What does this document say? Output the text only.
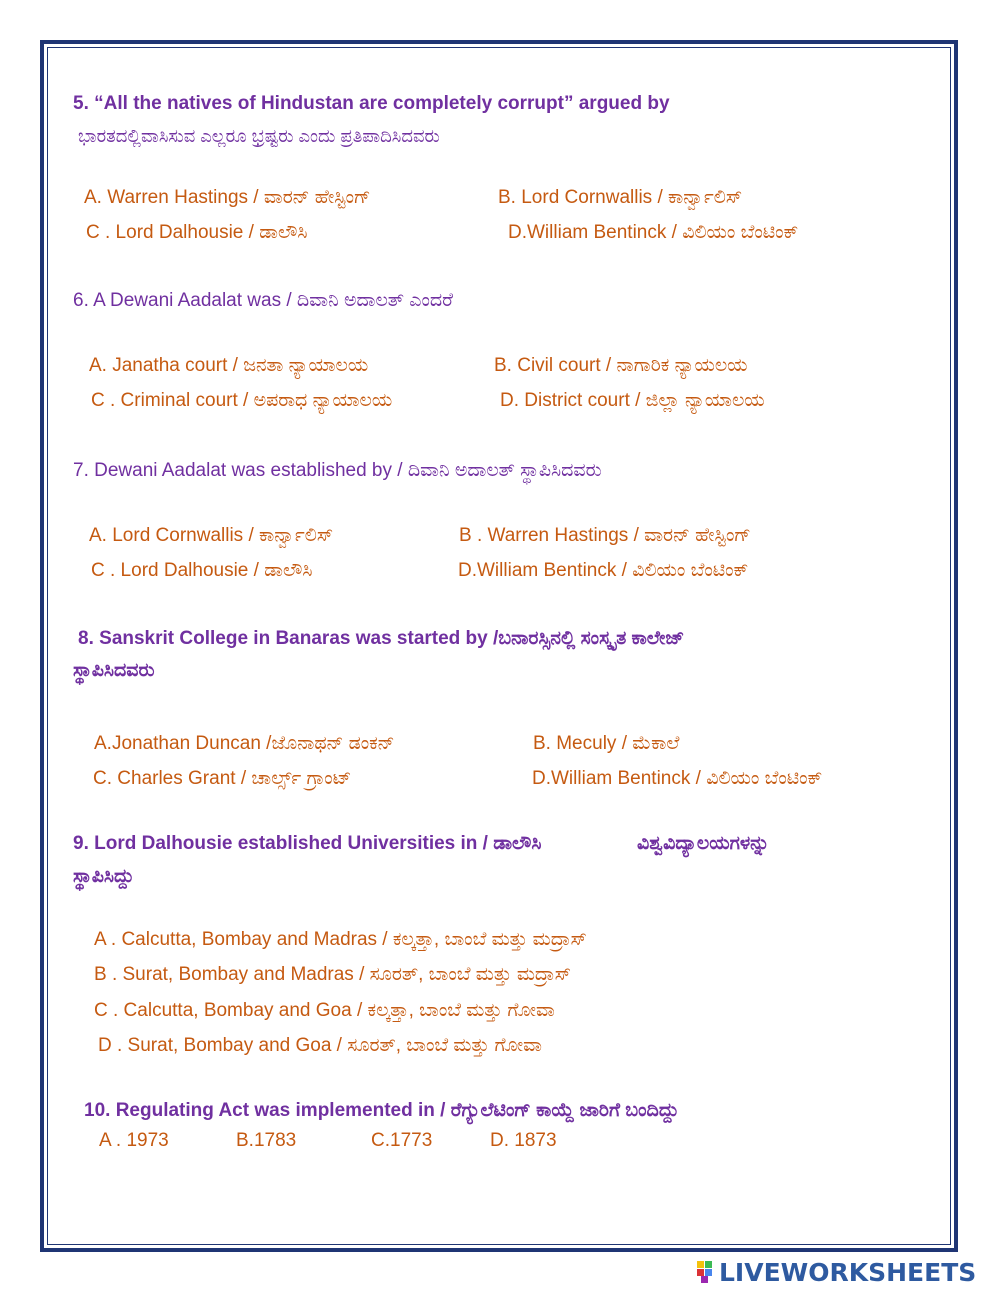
5. “All the natives of Hindustan are completely corrupt” argued by
ಭಾರತದಲ್ಲಿವಾಸಿಸುವ ಎಲ್ಲರೂ ಭ್ರಷ್ಟರು ಎಂದು ಪ್ರತಿಪಾದಿಸಿದವರು
A. Warren Hastings / ವಾರನ್ ಹೇಸ್ಟಿಂಗ್	B. Lord Cornwallis / ಕಾರ್ನ್ವಾಲಿಸ್
C . Lord Dalhousie / ಡಾಲೌಸಿ	D.William Bentinck / ವಿಲಿಯಂ ಬೆಂಟಿಂಕ್
6. A Dewani Aadalat was / ದಿವಾನಿ ಅದಾಲತ್ ಎಂದರೆ
A. Janatha court / ಜನತಾ ನ್ಯಾಯಾಲಯ	B. Civil court / ನಾಗಾರಿಕ ನ್ಯಾಯಲಯ
C . Criminal court / ಅಪರಾಧ ನ್ಯಾಯಾಲಯ	D. District court / ಜಿಲ್ಲಾ ನ್ಯಾಯಾಲಯ
7. Dewani Aadalat was established by / ದಿವಾನಿ ಅದಾಲತ್ ಸ್ಥಾಪಿಸಿದವರು
A. Lord Cornwallis / ಕಾರ್ನ್ವಾಲಿಸ್	B . Warren Hastings / ವಾರನ್ ಹೇಸ್ಟಿಂಗ್
C . Lord Dalhousie / ಡಾಲೌಸಿ	D.William Bentinck / ವಿಲಿಯಂ ಬೆಂಟಿಂಕ್
8. Sanskrit College in Banaras was started by /ಬನಾರಸ್ಸಿನಲ್ಲಿ ಸಂಸ್ಕೃತ ಕಾಲೇಜ್
ಸ್ಥಾಪಿಸಿದವರು
A.Jonathan Duncan /ಜೊನಾಥನ್ ಡಂಕನ್	B. Meculy / ಮೆಕಾಲೆ
C. Charles Grant / ಚಾರ್ಲ್ಸ್ ಗ್ರಾಂಟ್	D.William Bentinck / ವಿಲಿಯಂ ಬೆಂಟಿಂಕ್
9. Lord Dalhousie established Universities in / ಡಾಲೌಸಿ	ವಿಶ್ವವಿದ್ಯಾಲಯಗಳನ್ನು
ಸ್ಥಾಪಿಸಿದ್ದು
A . Calcutta, Bombay and Madras / ಕಲ್ಕತ್ತಾ, ಬಾಂಬೆ ಮತ್ತು ಮದ್ರಾಸ್
B . Surat, Bombay and Madras / ಸೂರತ್, ಬಾಂಬೆ ಮತ್ತು ಮದ್ರಾಸ್
C . Calcutta, Bombay and Goa / ಕಲ್ಕತ್ತಾ, ಬಾಂಬೆ ಮತ್ತು ಗೋವಾ
D . Surat, Bombay and Goa / ಸೂರತ್, ಬಾಂಬೆ ಮತ್ತು ಗೋವಾ
10. Regulating Act was implemented in / ರೆಗ್ಯುಲೆಟಿಂಗ್ ಕಾಯ್ದೆ ಜಾರಿಗೆ ಬಂದಿದ್ದು
A . 1973	B.1783	C.1773	D. 1873
LIVEWORKSHEETS
